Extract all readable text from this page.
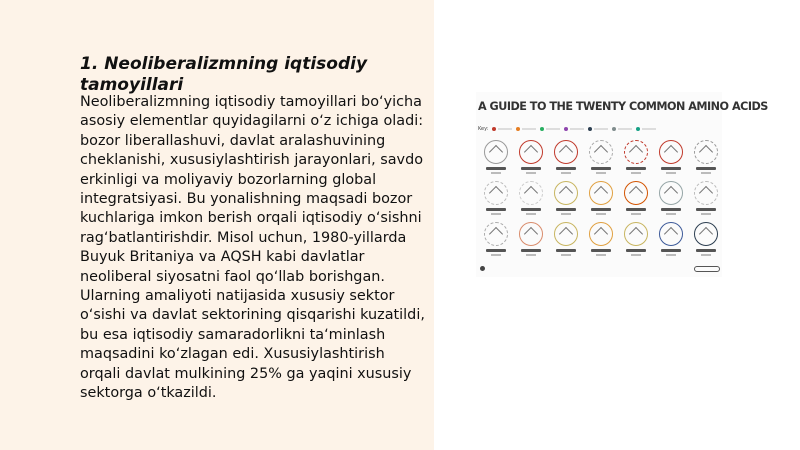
1. Neoliberalizmning iqtisodiy tamoyillari

Neoliberalizmning iqtisodiy tamoyillari bo‘yicha asosiy elementlar quyidagilarni o‘z ichiga oladi: bozor liberallashuvi, davlat aralashuvining cheklanishi, xususiylashtirish jarayonlari, savdo erkinligi va moliyaviy bozorlarning global integratsiyasi. Bu yonalishning maqsadi bozor kuchlariga imkon berish orqali iqtisodiy o‘sishni rag‘batlantirishdir. Misol uchun, 1980-yillarda Buyuk Britaniya va AQSH kabi davlatlar neoliberal siyosatni faol qo‘llab borishgan. Ularning amaliyoti natijasida xususiy sektor o‘sishi va davlat sektorining qisqarishi kuzatildi, bu esa iqtisodiy samaradorlikni ta‘minlash maqsadini ko‘zlagan edi. Xususiylashtirish orqali davlat mulkining 25% ga yaqini xususiy sektorga o‘tkazildi.

A GUIDE TO THE TWENTY COMMON AMINO ACIDS
Key:
